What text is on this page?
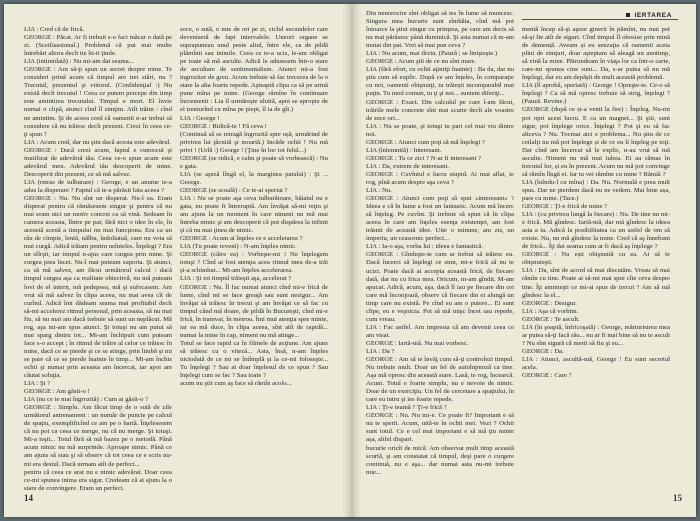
LIA : Cred că de frică.

GEORGE : Păcat. Ar fi trebuit s-o faci măcar o dată pe zi. (Sceifiassional.) Problemă că pui mai multe întrebări altora decît tie îti-ti ţinde.

LIA (intimidată) : Nu mi-am dat seama...

GEORGE : Am să-ţi spun un secret despre mine. Te consideri prină acum că timpul are trei stări, nu ? Trecutul, prezentul şi viitorul. (Confidenţial :) Nu există decît trecutul ! Ceea ce putem percepe din timp este amintirea trecutului. Timpul e mort. El învie numai o clipă, atunci cînd îl simţim. Atît trăim : cînd ne amintim. Şi de aceea cred că oamenii n-ar trebui să considere că nu trăiesc decît prezent. Crezi în ceea ce-ţi spun ?

LIA : Acum cred, dar nu ştiu dacă acesta este adevărul.

GEORGE : Dacă crezi acum, faptul e cunoscut şi inutilizat de adevărul tău. Ceea ce-o spun acum este adevărul meu. Adevărul tău descoperit de mine. Descoperit din prezent, ce să mă salvez.

LIA (retras de tulburare) : George, e un anume te-a adus la disperare ? Faptul că te-a părăsit fata aceea ?

GEORGE : Nu. Nu sînt un disperat. Nu-l ea. Eram disperat pentru că rămăsesem singur şi pentru că nu mai eram nici un motiv concret ca să vină. Sedeam în camera aceasta, lîntre pe pat; fără nici o idee în ele, în această scenă a timpului nu mai funcţiona. Era ca un râu de cimpie, lentă, nălbu, îndoliatuă, care nu voia să mai curgă. Adică trăiam pentru neînteles. Înţelegi ? Era un sfîrşit, iar timpul n-ajus care curgea prin mine. Şi curgea prea încet. Nu-l mai puteam suporta. Şi atunci, ca să mă salvez, am făcut următorul calcul : dacă timpul curgea aşa ca realitate obiectivă, nu mă puteam lovi de el intern, mă pedepsea, mă şi sufocasem. Am vrut să mă salvez în clipa aceea, nu mai avea cît de curînd. Adică îmi dădeam seama mai profitabil decît să-mi accelerez ritmul personal, prin aceasta, să nu mai fiu, să nu mai am dacă trebuie să sunt un neplăcut. Mă rog, aşa mi-am spus atunci. Şi totuşi nu am putut să mai sparg dintru tot... Mi-am închipuit cum puteam face s-o accept ; în ritmul de trăire al celor ce trăiesc în mine, dacă ce se pierde şi ce se stinge, prin limbă şi mi se pare că ce se pierde înainte în timp... Mi-am închis ochii şi numai prin aceasta am încercat, iar apoi am căutat soluţia.

LIA : Şi ?

GEORGE : Am găsit-o !

LIA (nu ce te mai îngrozită) : Cum ai găsit-o ?

GEORGE : Simplu. Am făcut timp de o sută de zile următorul antrenament : un număr de puncte pe calcul de spaţiu, exemplificînd ce am pe o hartă. Înţelesesem că nu pot ca ceea ce merge, nu că nu merge. Şi totuşi. Mi-a ieşit... Totul fără să mă bazez pe o metodă. Până acum nimic nu mă surprinde. Aproape nimic. Până ce am ajuns să stau şi să observ că tot ceea ce e scris nu-mi era destul. Dacă urmam atît de perfect...

pentru că ceea ce arat nu e nimic adevărat. Doar ceea ce-mi spunea inima era sigur. Credeam că ai ajuns la o stare de convingere. Eram un perfect.

zece, o sută, o mie de ori pe zi, ciclul secundelor care deveniseră de fapt intervalele. Uneori organe se suprapuneau unul peste altul, între ele, ca de pildă plămînii sau inimile. Ceea ce te-a ucis, le-am obligat pe toate să mă asculte. Adică le adusesem într-o stare de ascultare de sentimentalism. Atunci mi-a fost ingrozitor de greu. Acum trebuie să fac trecerea de la o stare la alta foarte repede. Aşteaptă clipa ca să pe urmă pune mîna pe mine. (George râmîne în continuare încremenit : Lia îl urmăreşte uluită, apoi se apropie de el tremurînd cu mîna pe piept, îl ia de gît.)

LIA : George !

GEORGE : Ridică-te ! Fă ceva !

(Continuă să se retragă îngrozită spre ușă, urmărind de privirea lui ţâcnită şi moartă.) Incăde ochii ! Nu mă privi ! (Urlă :) George ! (Ţine în loc tot felul...)

GEORGE (se ridică, e calm şi poate să vorbească) : Nu e gata.

LIA (se aşeză lîngă el, la marginea patului) : Şi ... George.

GEORGE (se scoală) : Ce te-ai speriat ?

LIA : Nu se poate aşa ceva tulburătoare, băiatul nu e gata, nu poate fi întreruptă. Am învăţat să-mi reţin şi am ajuns la un moment în care nimeni nu mă mai întreba nimic şi am descoperit că pot dispărea la infinit şi că nu mai ţinea de nimic.

GEORGE : Acum ai înţeles ce e accelerarea ?

LIA (Tu poate reveni) : N-am înţeles nimic.

GEORGE (către ea) : Vorbeşte-mi ! Ne înţelegem totuşi ? Cînd ai fost atenţia acea ritmul meu de-a trăi şi-a schimbat... Mi-am înţeles accelerarea.

LIA : Şi tot timpul trăieşti aşa, accelerat ?

GEORGE : Nu. Îl fac numai atunci cînd mi-e frică de lume, cînd mi se face greaţă sau sunt nesigur... Am învăţat să trăiesc în trecut şi am învăţat ce să fac cu timpul când mă doare, de pildă în Bucureşti, cînd mi-e frică, în tramvai, în metrou. Îmi mut atenţia spre minte, iar ea mă duce, în clipa aceea, sînt atît de rapidă... numai la mine în cap, nimeni nu mă atinge...

Totul se face rapid ca în filmele de acţiune. Am ajuns să trăiesc cu o viteză... Asta, însă, n-am înţeles niciodată de ce mi se întîmplă şi la ce-mi foloseşte... Tu înţelegi ? Sau ai doar înţelesul de ce spun ? Sau înţelegi cum se fac ? Sau toate ?

acum nu ştii cum aş face să rămîn acolo...

14
IERTAREA

Din nenorocire sînt obligat să ies în lume să muncesc. Singura mea bucurie sunt sîmbăta, cînd mă pot întoarce la ştiut singur cu prinţesa, pe care am decis să nu mai părăsesc până duminică. Şi asta numai că m-am mutat din pat. Vrei să mai pun ceva ?

LIA : Nu acum, mai tîrziu. (Pauză ; se linişteşte.)

GEORGE : Acum ştii de ce nu sînt mare.

LIA (fără efort, cu ochii aţintiţi înainte) : Ba da, dar nu ştiu cum să explic. După ce am înţeles, în comparaţie cu noi, oamenii obişnuiţi, tu trăieşti incomparabil mai puţin. Tu mod comun, tu ţi şi noi... suntem diferiţi...

GEORGE : Exact. Din calculul pe care l-am făcut, trăirile mele concrete sînt mai scurte decît ale voastre de zece ori...

LIA : Nu se poate, şi totuşi tu pari cel mai viu dintre noi.

GEORGE : Atunci cum poţi să mă înţelegi ?

LIA (înlemnită) : Interesant.

GEORGE : Tu ce zici ? N-ar fi interesant ?

LIA : Da, extrem de interesant.

GEORGE : Cuvîntul e lucru stupid. Ai mai aflat, te rog, pînă acum despre aşa ceva ?

LIA : Nu.

GEORGE : Atunci cum poţi să spui «interesant» ? Ideea e că în lume a fost un fantastic. Acum mă încerc să înţeleg. Pe cuvînt. Şi trebuie să spun că în clipa aceea în care am înţeles esenţa existenţei, am fost trăsnit de această idee. Uite o minune, am zis, un imperiu, un ceasornic perfect...

LIA : Ia-o aşa, vorba lui : ideea e fantastică.

GEORGE : Gîndeşte-te cum ar trebui să trăiesc eu. Dacă încerci să înţelegi ce simt, mi-e frică să nu te ucizi. Poate dacă ai accepta această frică, de fiecare dată, dar nu cu frica mea. Oricum, m-am gîndit. M-am apucat. Adică, acum, aşa, dacă îl iau pe fiecare din cei care mă înconjoară, observ că fiecare din ei alungă un timp care nu există. Pe cînd eu am o putere... Ei sunt clipe, eu e veşnicia. Pot să mă mişc încet sau repede, cum vreau.

LIA : Fac astfel. Am impresia că am devenit ceea ce am visat.

GEORGE : Iartă-mă. Nu mai vorbesc.

LIA : Da ?

GEORGE : Am să te învăţ cum să-ţi controlezi timpul. Nu trebuie mult. Doar un fel de autohipnoză ca tine. Aşa mă opresc din această stare. Lasă, te rog, încearcă. Acum. Totul e foarte simplu, nu e nevoie de nimic. Doar de un exerciţiu. Un fel de cercetare a spaţiului, în care eu intru şi ies foarte repede.

LIA : Ţi-e teamă ? Ţi-e frică ?

GEORGE : Nu. Nu mi-e. Ce poate fi? Important e să nu te sperii. Acum, uită-te în ochii mei. Vezi ? Ochii sunt totul. Ce e cel mai important e să mă ţin minte așa, altfel dispari.

bucurie oricît de mică. Am observat mult timp această scurtă, şi am constatat că timpul, deşi pare o curgere continuă, nu e aşa... dar numai asta nu-mi trebuie mie...

mentă încep să-şi aşeze ginerii în pămînt, nu mai pot să-şi fie atît de siguri. Cînd timpul îl obosise prin mină de demență. Aveam și eu senzaţia că oamenii aceia plini de simţuri, doar aşteptam să aleagă un anotimp, să vină la mine. Pătrundeam în viaţa lor ca într-o carte, care-mi spunea cine sunt... Da, s-ar putea să nu mă înţelegi, dar eu am depăşit de mult această problemă.

LIA (îl aprobă, speriată) : George ! Opreşte-te. Ce-o să înţelegi ? Ca să mă opresc trebuie să strig, înţelegi ? (Pauză. Revine.)

GEORGE (după ce și-a venit la fire) : Înţeleg. Nu-mi pot opri acest lucru. E ca un magnet... Şi ştii, sunt sigur, pot înţelege orice. Înţelegi ? Pot şi eu să fac altceva ? Nu. Tocmai aici e problema... Nu ştiu de ce ceilalţi nu mă pot înţelege și de ce eu îi înţeleg pe toţi. Dar cînd am încercat să le explic, n-au vrut să mă asculte. Nimeni nu mă mai iubea. Ei au rămas în trecutul lor, și eu în prezent. Acum nu mă pot convinge să rămîn lîngă ei. Iar tu vei rămîne cu mine ? Rămâi ?

LIA (luîndu-l cu mîna) : Da. Nu. Normală e prea mult spus. Dar ne pierdem dacă nu ne vedem. Mai bine așa, pare cu mine. (Tace.)

GEORGE : Ţi-e frică de mine ?

LIA : (cu privirea lungă la fiecare) : Nu. De tine nu mi-e frică. Mă gîndesc. Iartă-mă, dar mă gîndesc la ideea asta a ta. Adică la posibilitatea ca un astfel de om să existe. Nu, nu mă gîndesc la mine. Cred că aş înnebuni de frică... Îţi dai seama cum ar fi dacă aş înţelege ?

GEORGE : Nu ești obişnuită cu ea. Ai să te obişnuieşti.

LIA : Da, sînt de acord să mai discutăm. Vreau să mai rămîn cu tine. Poate ai să-mi mai spui cîte ceva despre tine. Îţi aminteşti ce mi-ai spus de trecut ? Am să mă gîndesc la el...

GEORGE : Desigur.

LIA : Aşa că vorbim.

GEORGE : Te ascult.

LIA (în şoaptă, înfricoşată) : George, mărturisirea mea ar putea să-ţi facă rău... nu ar fi mai bine să nu te ascult ? Nu sînt sigură că merit să fiu şi eu...

GEORGE : Da.

LIA : Atunci, ascultă-mă, George ! Eu sunt secretul acela.

GEORGE : Care ?

15
